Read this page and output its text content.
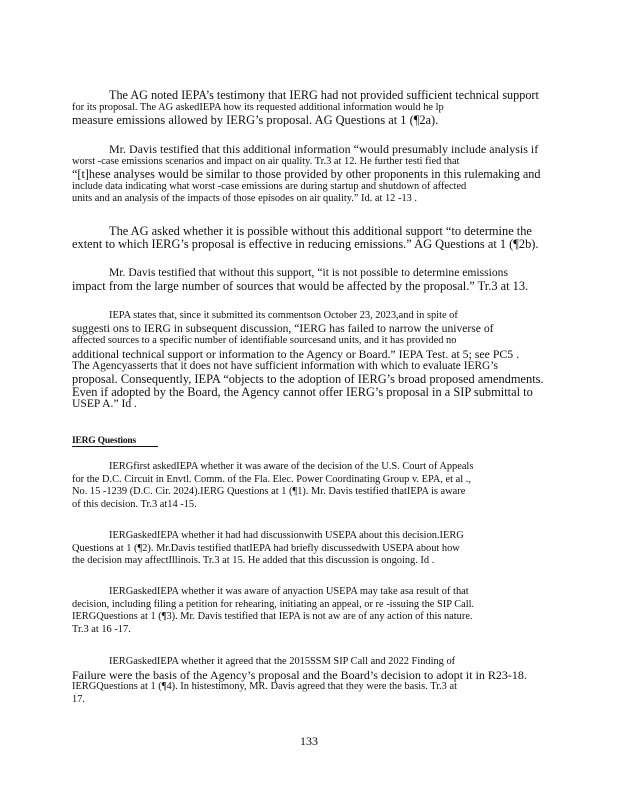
The AG noted IEPA’s testimony that IERG had not provided sufficient technical support
for its proposal. The AG askedIEPA how its requested additional information would he lp
measure emissions allowed by IERG’s proposal. AG Questions at 1 (¶2a).
Mr. Davis testified that this additional information “would presumably include analysis if
worst -case emissions scenarios and impact on air quality. Tr.3 at 12. He further testi fied that
“[t]hese analyses would be similar to those provided by other proponents in this rulemaking and
include data indicating what worst -case emissions are during startup and shutdown of affected
units and an analysis of the impacts of those episodes on air quality.” Id. at 12 -13 .
The AG asked whether it is possible without this additional support “to determine the
extent to which IERG’s proposal is effective in reducing emissions.” AG Questions at 1 (¶2b).
Mr. Davis testified that without this support, “it is not possible to determine emissions
impact from the large number of sources that would be affected by the proposal.” Tr.3 at 13.
IEPA states that, since it submitted its commentson October 23, 2023,and in spite of
suggesti ons to IERG in subsequent discussion, “IERG has failed to narrow the universe of
affected sources to a specific number of identifiable sourcesand units, and it has provided no
additional technical support or information to the Agency or Board.” IEPA Test. at 5; see PC5 .
The Agencyasserts that it does not have sufficient information with which to evaluate IERG’s
proposal. Consequently, IEPA “objects to the adoption of IERG’s broad proposed amendments.
Even if adopted by the Board, the Agency cannot offer IERG’s proposal in a SIP submittal to
USEP A.” Id .
IERG Questions
IERGfirst askedIEPA whether it was aware of the decision of the U.S. Court of Appeals
for the D.C. Circuit in Envtl. Comm. of the Fla. Elec. Power Coordinating Group v. EPA, et al .,
No. 15 -1239 (D.C. Cir. 2024).IERG Questions at 1 (¶1). Mr. Davis testified thatIEPA is aware
of this decision. Tr.3 at14 -15.
IERGaskedIEPA whether it had had discussionwith USEPA about this decision.IERG
Questions at 1 (¶2). Mr.Davis testified thatIEPA had briefly discussedwith USEPA about how
the decision may affectIllinois. Tr.3 at 15. He added that this discussion is ongoing. Id .
IERGaskedIEPA whether it was aware of anyaction USEPA may take asa result of that
decision, including filing a petition for rehearing, initiating an appeal, or re -issuing the SIP Call.
IERGQuestions at 1 (¶3). Mr. Davis testified that IEPA is not aw are of any action of this nature.
Tr.3 at 16 -17.
IERGaskedIEPA whether it agreed that the 2015SSM SIP Call and 2022 Finding of
Failure were the basis of the Agency’s proposal and the Board’s decision to adopt it in R23-18.
IERGQuestions at 1 (¶4). In histestimony, MR. Davis agreed that they were the basis. Tr.3 at
17.
133
